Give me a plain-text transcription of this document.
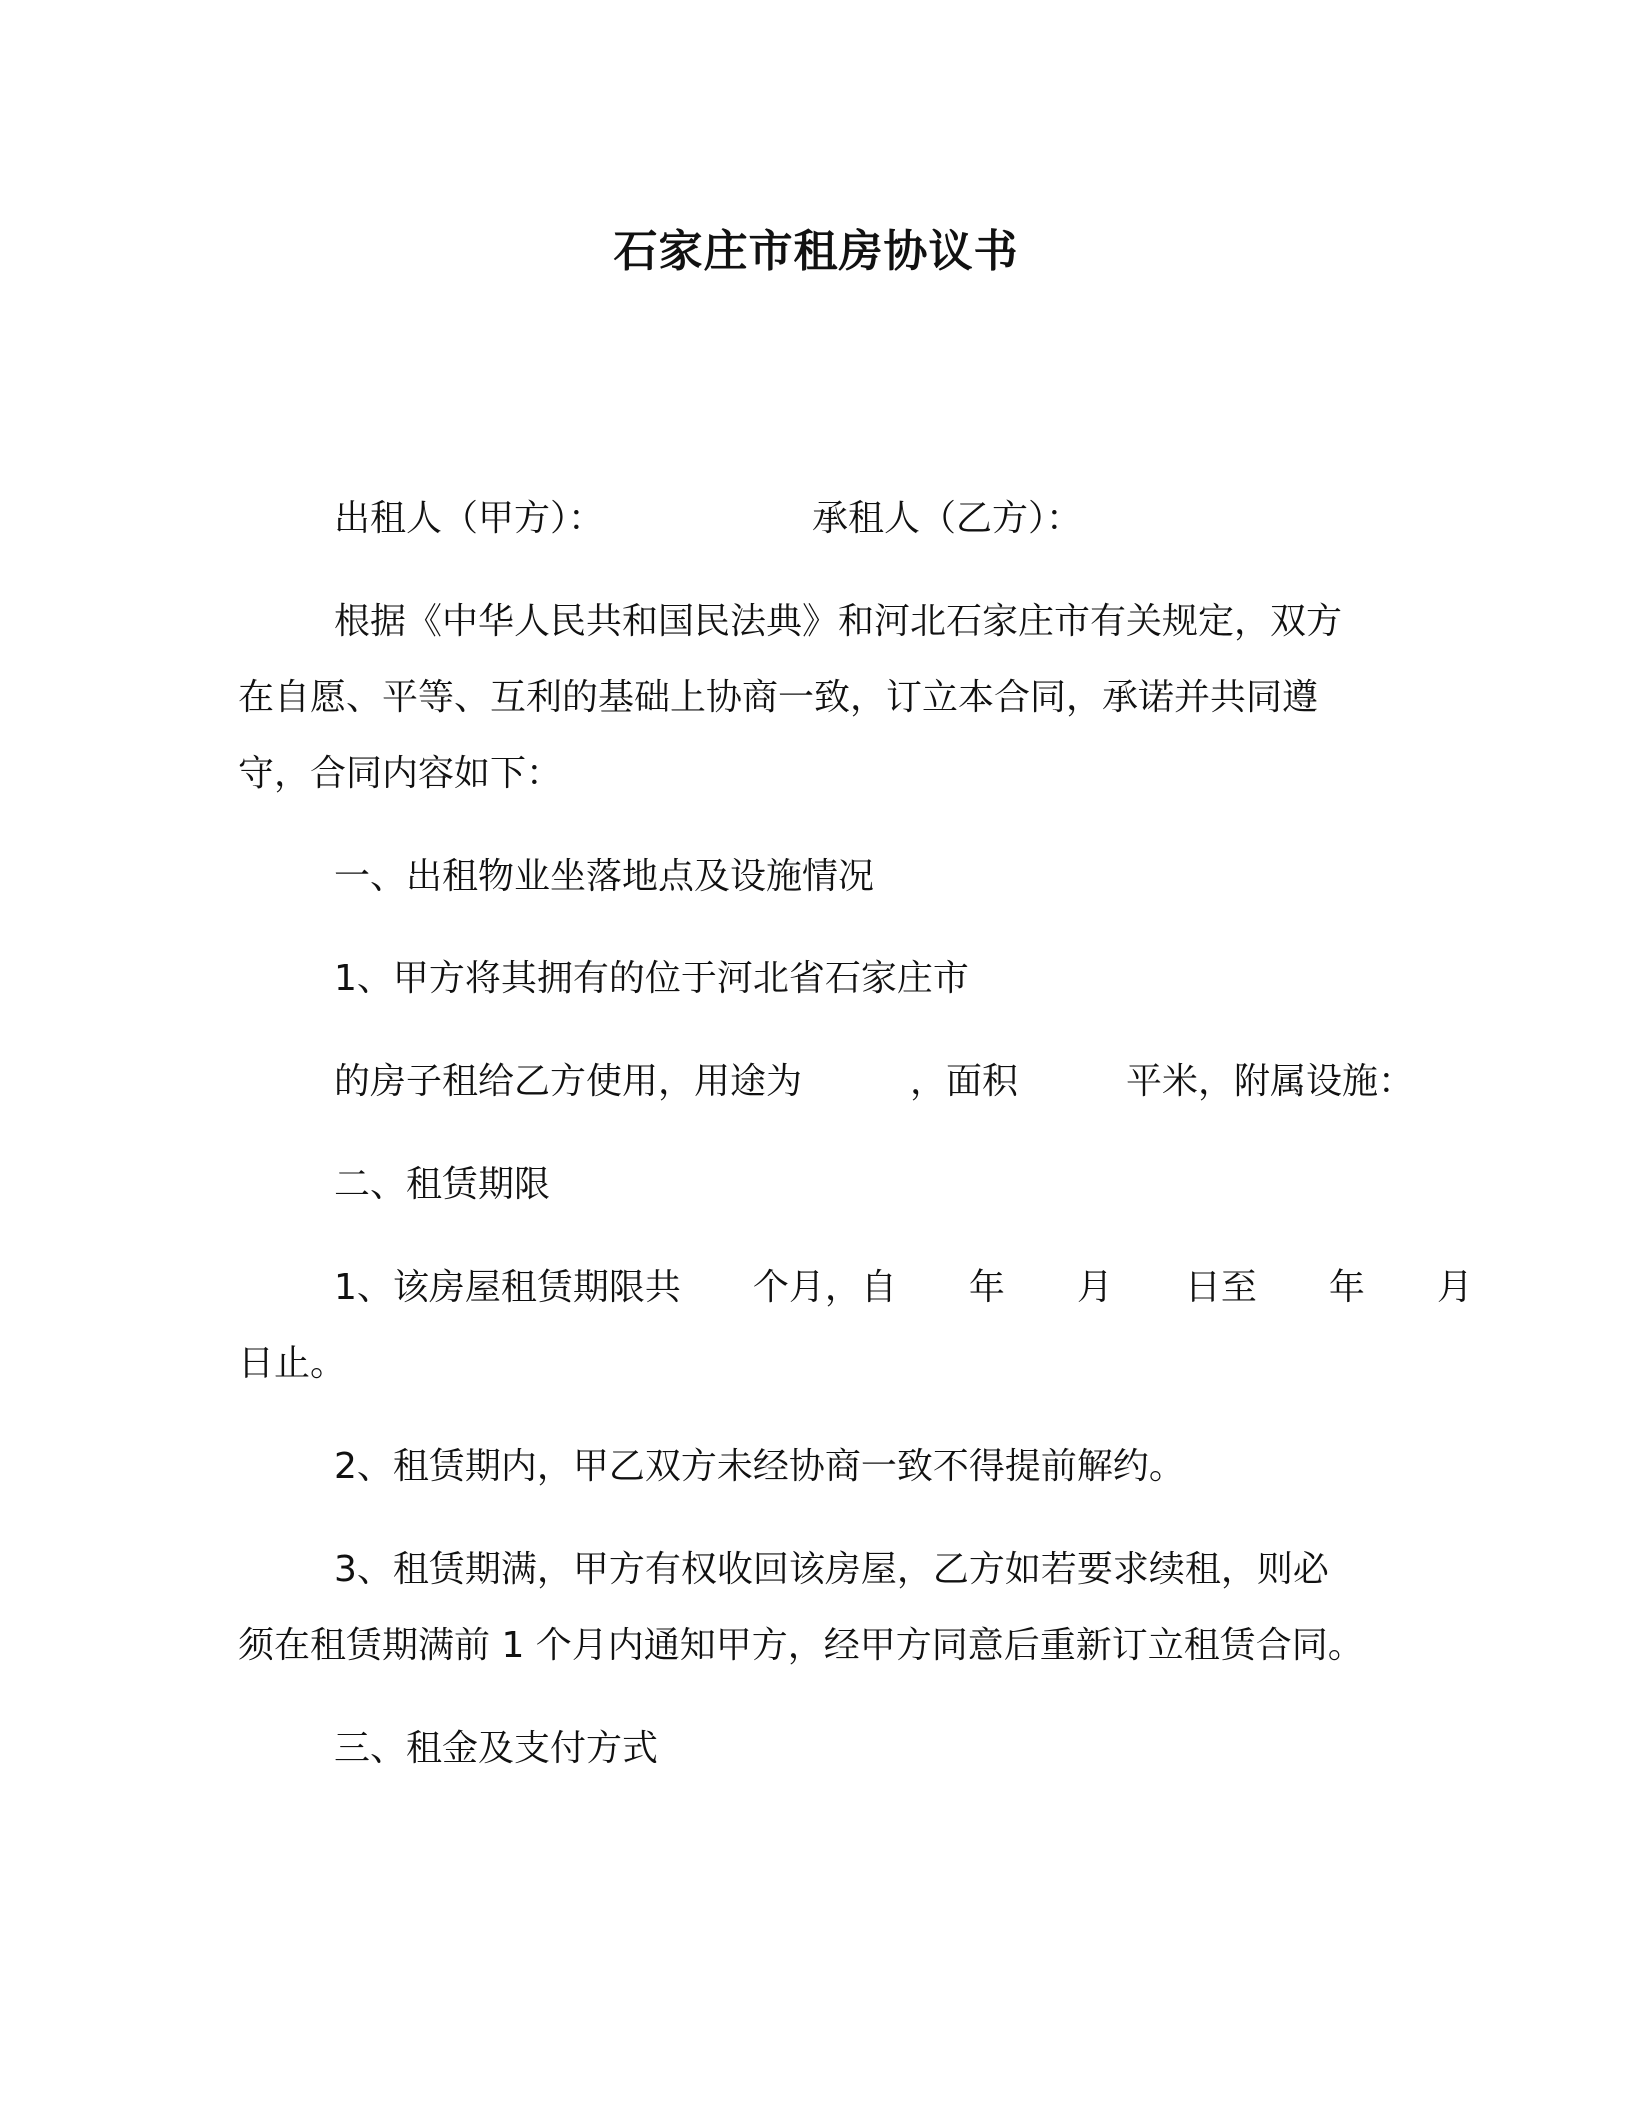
石家庄市租房协议书

出租人（甲方）：	承租人（乙方）：

根据《中华人民共和国民法典》和河北石家庄市有关规定，双方

在自愿、平等、互利的基础上协商一致，订立本合同，承诺并共同遵

守，合同内容如下：

一、出租物业坐落地点及设施情况

1、甲方将其拥有的位于河北省石家庄市

的房子租给乙方使用，用途为　　　，面积　　　平米，附属设施：

二、租赁期限

1、该房屋租赁期限共　　个月，自　　年　　月　　日至　　年　　月

日止。

2、租赁期内，甲乙双方未经协商一致不得提前解约。

3、租赁期满，甲方有权收回该房屋，乙方如若要求续租，则必

须在租赁期满前 1 个月内通知甲方，经甲方同意后重新订立租赁合同。

三、租金及支付方式
